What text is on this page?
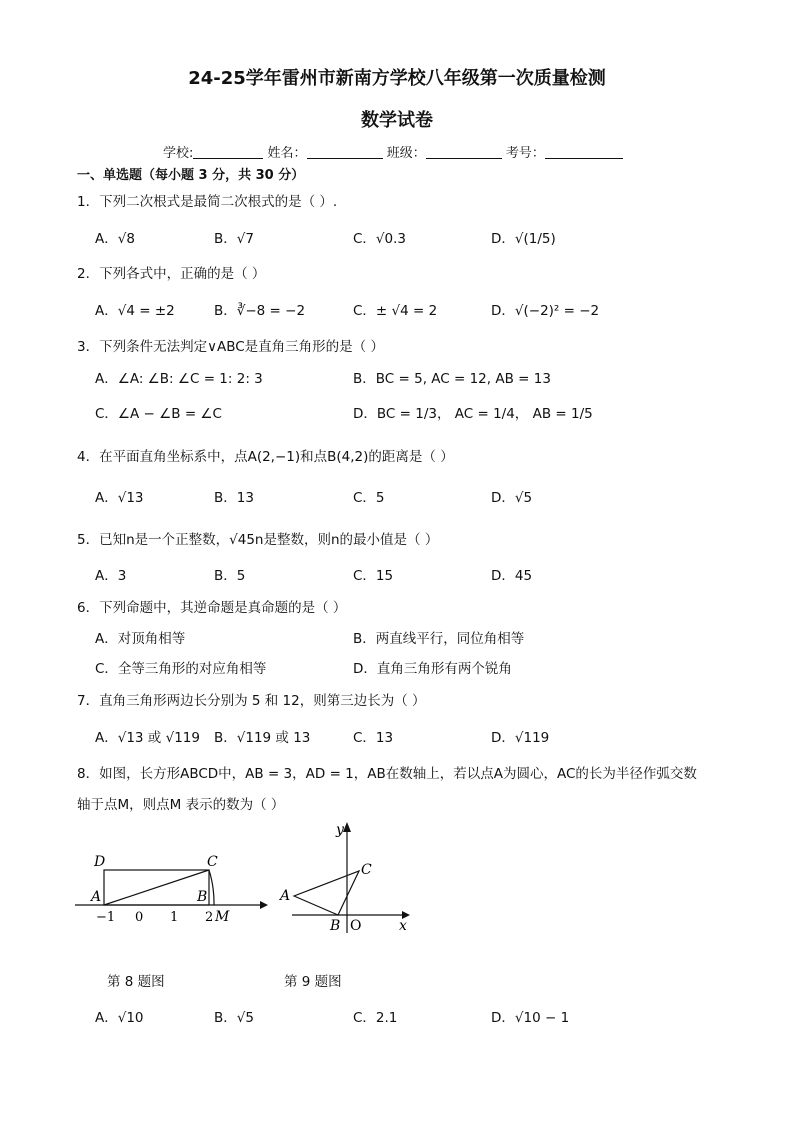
24-25学年雷州市新南方学校八年级第一次质量检测
数学试卷
学校:	姓名：	班级：	考号：
一、单选题（每小题 3 分，共 30 分）
1．下列二次根式是最简二次根式的是（ ）.
A．√8	B．√7	C．√0.3	D．√(1/5)
2．下列各式中，正确的是（ ）
A．√4 = ±2	B．∛−8 = −2	C．± √4 = 2	D．√(−2)² = −2
3．下列条件无法判定∨ABC是直角三角形的是（ ）
A．∠A: ∠B: ∠C = 1: 2: 3	B．BC = 5, AC = 12, AB = 13
C．∠A − ∠B = ∠C	D．BC = 1/3， AC = 1/4， AB = 1/5
4．在平面直角坐标系中，点A(2,−1)和点B(4,2)的距离是（ ）
A．√13	B．13	C．5	D．√5
5．已知n是一个正整数，√45n是整数，则n的最小值是（ ）
A．3	B．5	C．15	D．45
6．下列命题中，其逆命题是真命题的是（ ）
A．对顶角相等	B．两直线平行，同位角相等
C．全等三角形的对应角相等	D．直角三角形有两个锐角
7．直角三角形两边长分别为 5 和 12，则第三边长为（ ）
A．√13 或 √119 B．√119 或 13	C．13	D．√119
8．如图，长方形ABCD中，AB = 3，AD = 1，AB在数轴上，若以点A为圆心，AC的长为半径作弧交数
轴于点M，则点M 表示的数为（ ）
D	C
A	B
−1 0 1 2 M
y
x
A
B
C
O
第 8 题图	第 9 题图
A．√10	B．√5	C．2.1	D．√10 − 1
